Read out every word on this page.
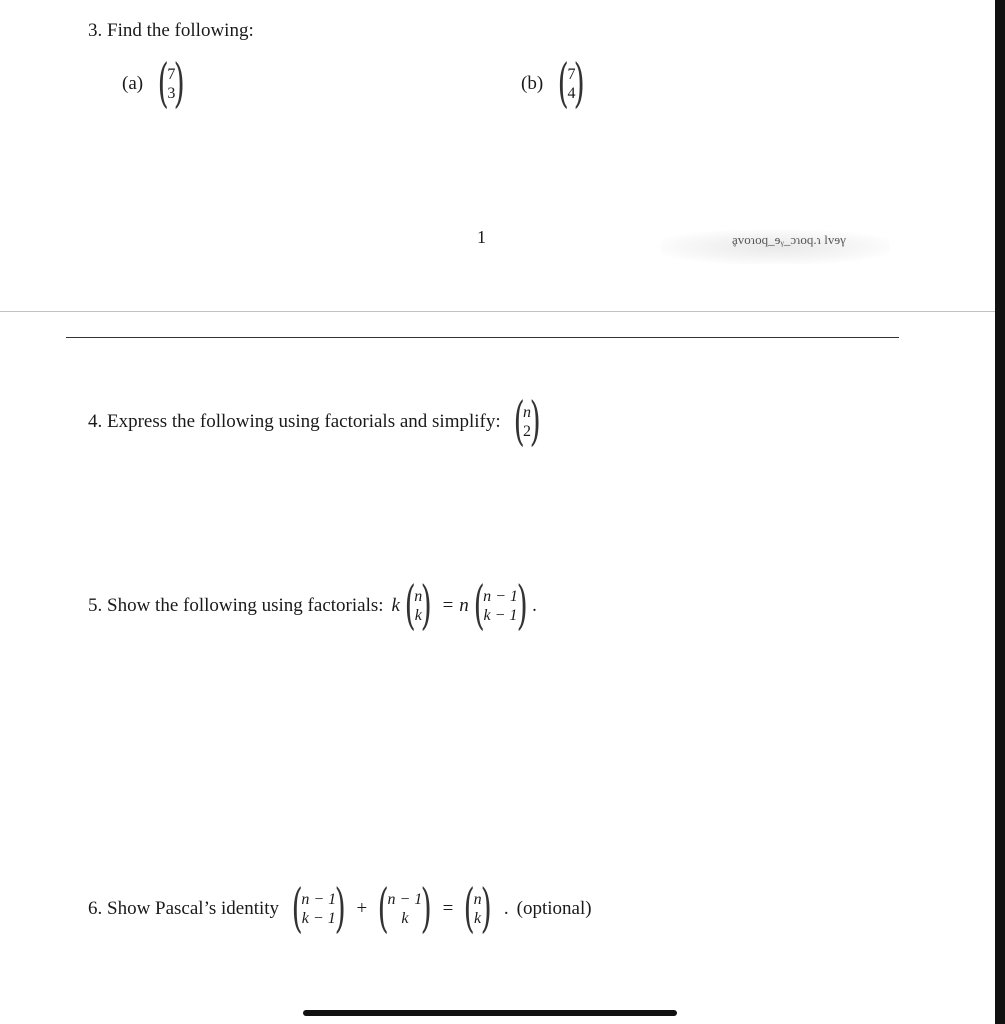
3. Find the following:
(a) (
7
3
)	(b) (
7
4
)
1	ḁvoɿoq_ɘᵧ_ɔɿoq.ɿ lvɘγ
4. Express the following using factorials and simplify: (
n
2
)
5. Show the following using factorials: k (
n
k ) = n (
n − 1
k − 1 ) .
6. Show Pascal’s identity (
n − 1
k − 1 ) + (
n − 1
k ) = (
n
k ) . (optional)
